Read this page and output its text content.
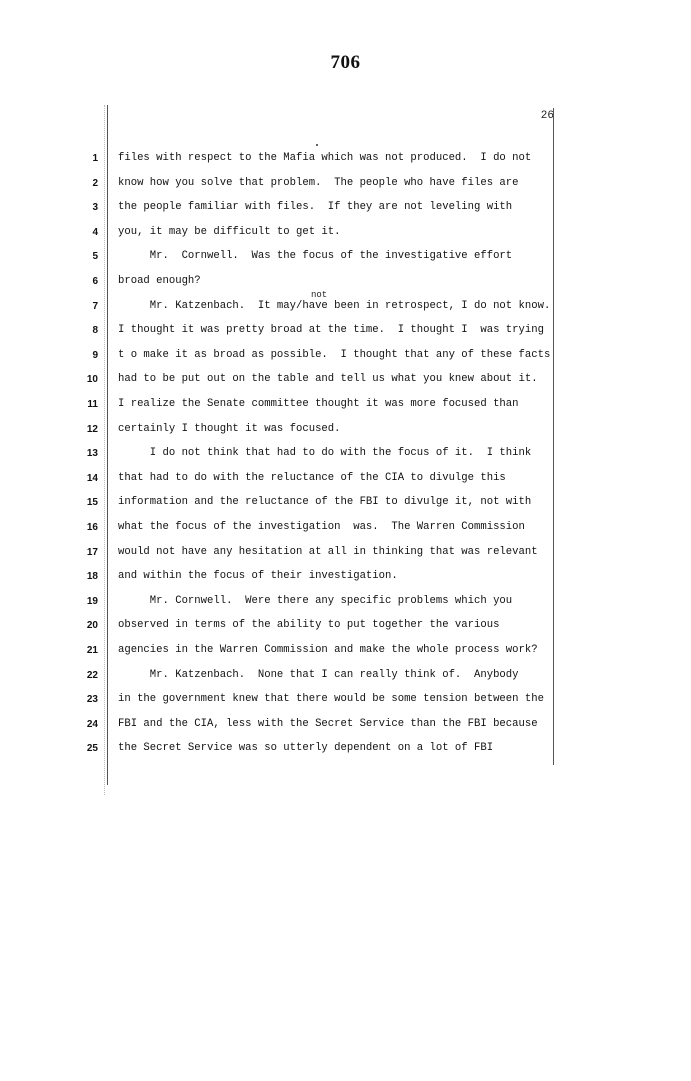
706
26
not
1 files with respect to the Mafia which was not produced.  I do not
2 know how you solve that problem.  The people who have files are
3 the people familiar with files.  If they are not leveling with
4 you, it may be difficult to get it.
5 Mr.  Cornwell.  Was the focus of the investigative effort
6 broad enough?
7 Mr. Katzenbach.  It may/have been in retrospect, I do not know.
8 I thought it was pretty broad at the time.  I thought I  was trying
9 t o make it as broad as possible.  I thought that any of these facts
10 had to be put out on the table and tell us what you knew about it.
11 I realize the Senate committee thought it was more focused than
12 certainly I thought it was focused.
13 I do not think that had to do with the focus of it.  I think
14 that had to do with the reluctance of the CIA to divulge this
15 information and the reluctance of the FBI to divulge it, not with
16 what the focus of the investigation  was.  The Warren Commission
17 would not have any hesitation at all in thinking that was relevant
18 and within the focus of their investigation.
19 Mr. Cornwell.  Were there any specific problems which you
20 observed in terms of the ability to put together the various
21 agencies in the Warren Commission and make the whole process work?
22 Mr. Katzenbach.  None that I can really think of.  Anybody
23 in the government knew that there would be some tension between the
24 FBI and the CIA, less with the Secret Service than the FBI because
25 the Secret Service was so utterly dependent on a lot of FBI
